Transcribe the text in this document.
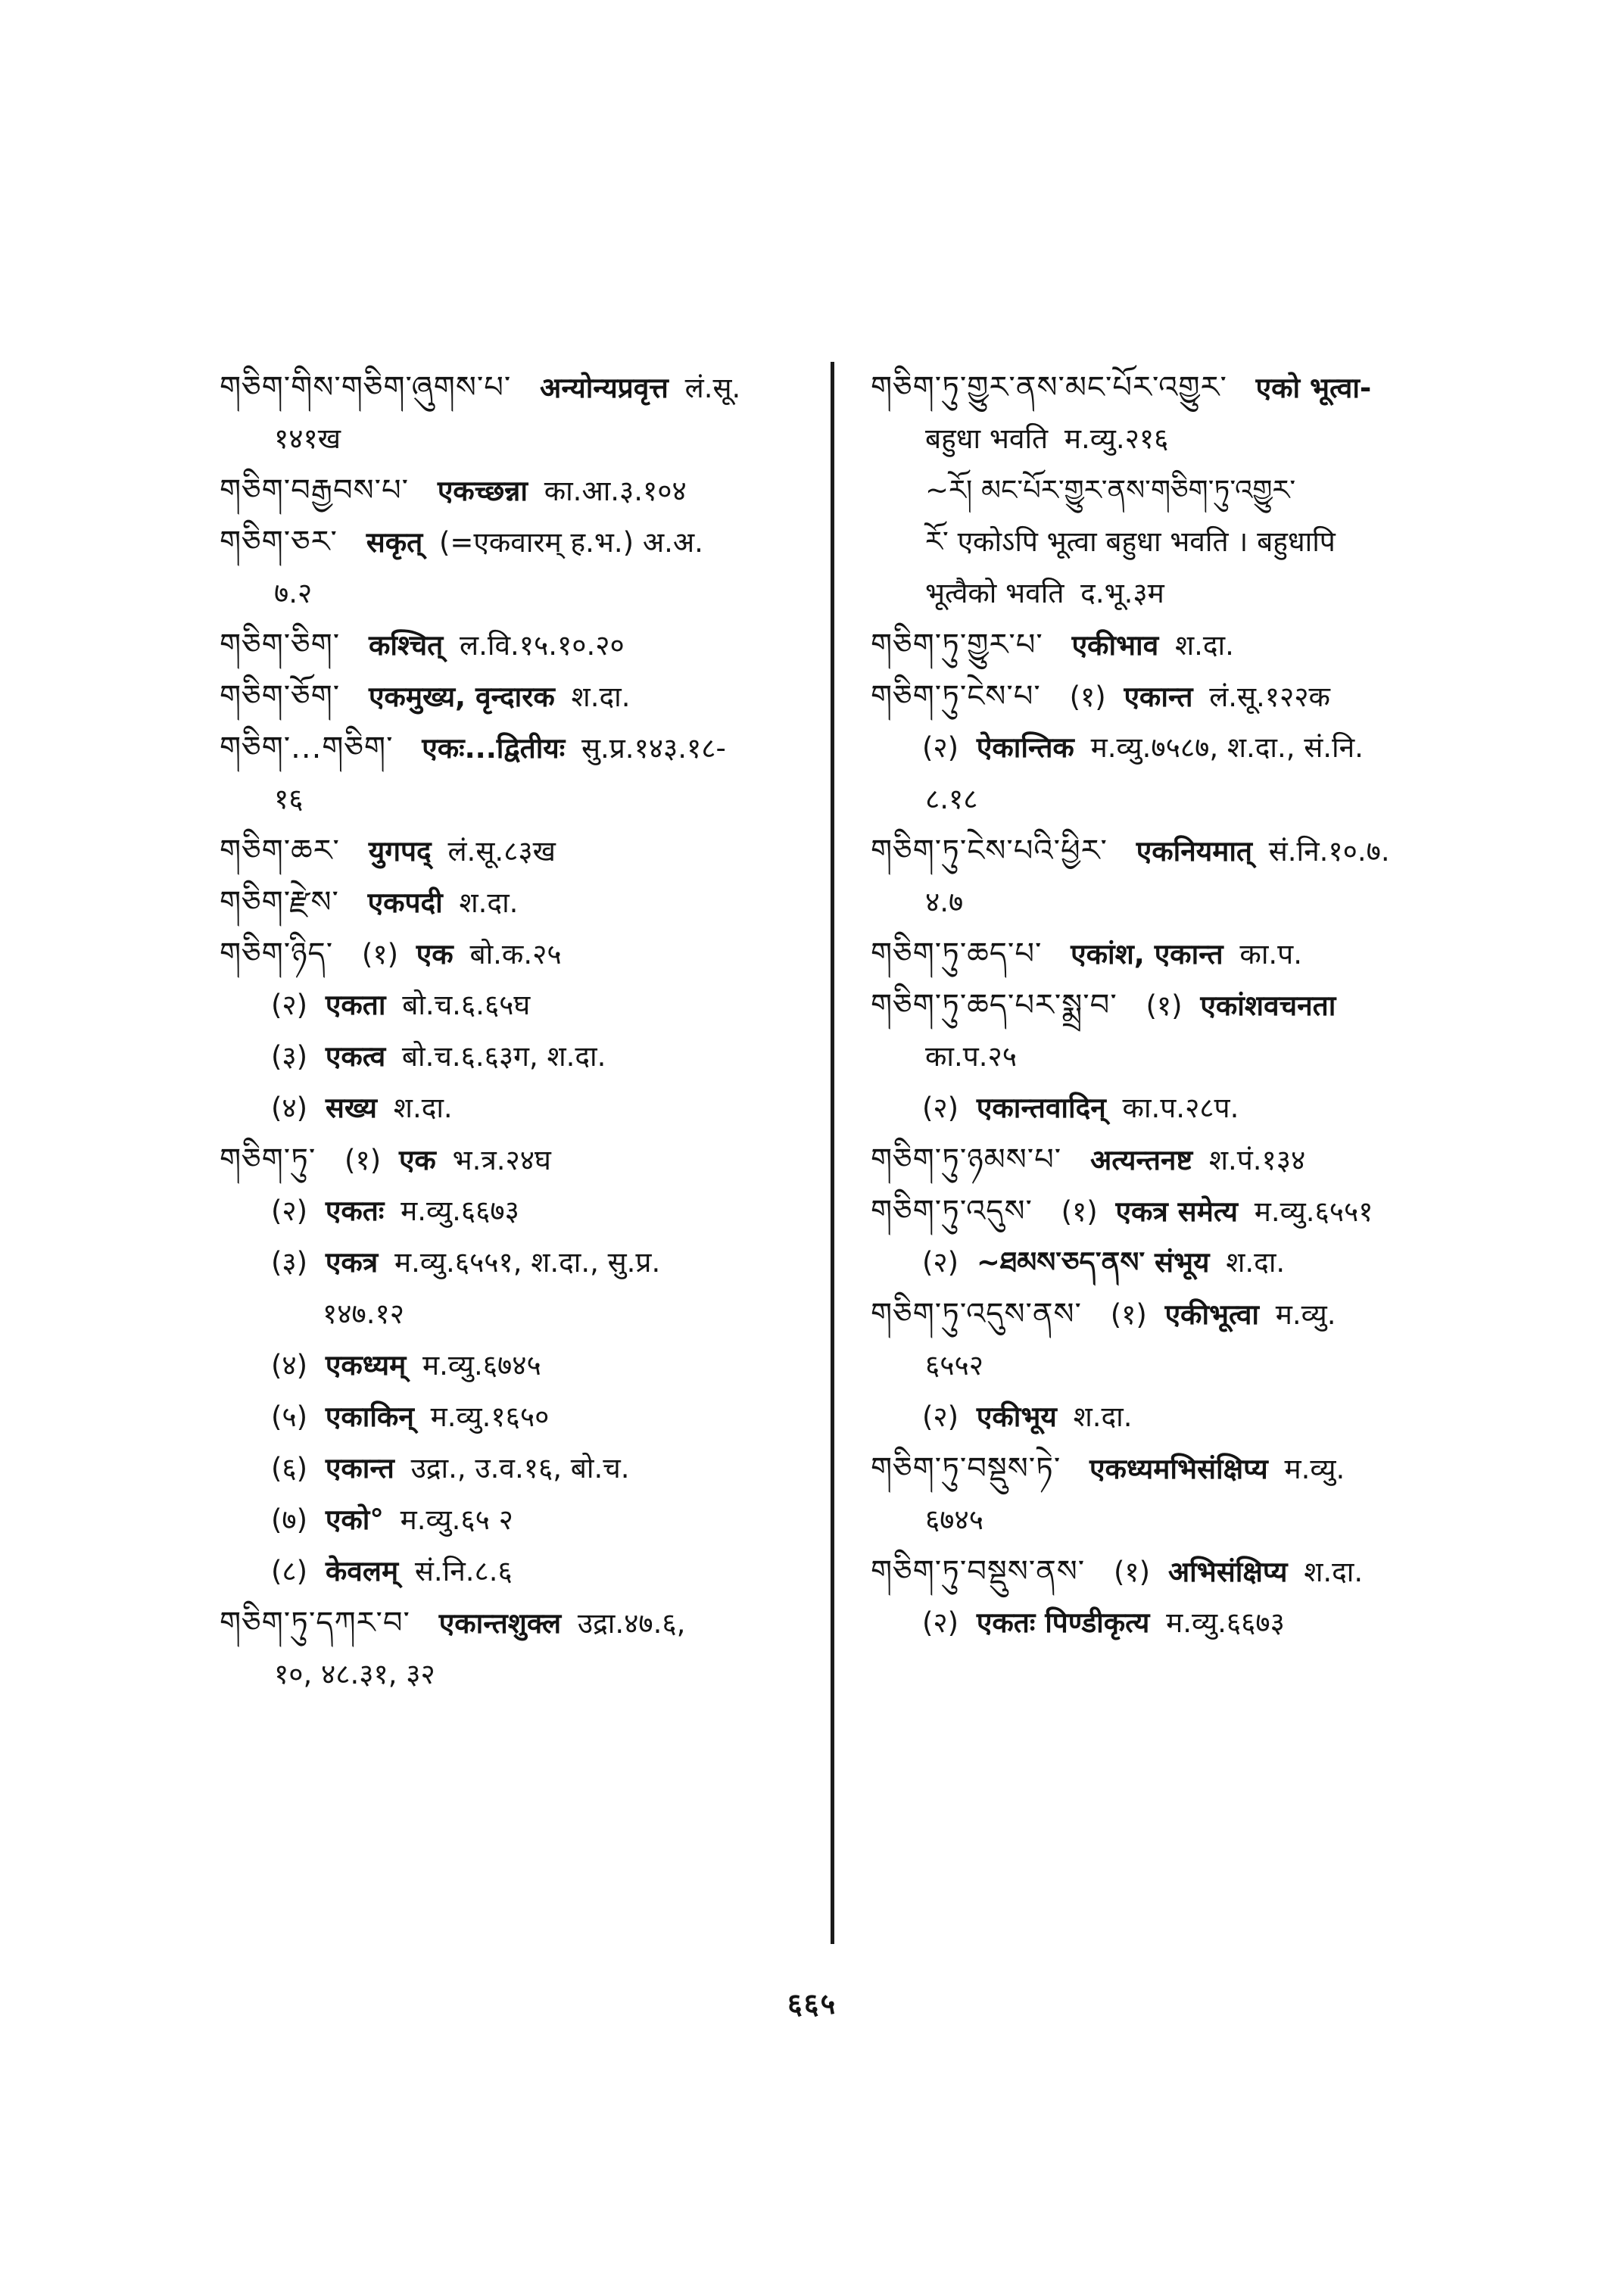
གཅིག་གིས་གཅིག་ཞུགས་པ་ अन्योन्यप्रवृत्त लं.सू.
१४१ख
གཅིག་བརྒྱབས་པ་ एकच्छन्ना का.आ.३.१०४
གཅིག་ཅར་ सकृत् (=एकवारम् ह.भ.) अ.अ.
७.२
གཅིག་ཅིག་ कश्चित् ल.वि.१५.१०.२०
གཅིག་ཅོག་ एकमुख्य, वृन्दारक श.दा.
གཅིག་...གཅིག་ एकः...द्वितीयः सु.प्र.१४३.१८-
१६
གཅིག་ཆར་ युगपद् लं.सू.८३ख
གཅིག་རྫེས་ एकपदी श.दा.
གཅིག་ཉིད་ (१) एक बो.क.२५
(२) एकता बो.च.६.६५घ
(३) एकत्व बो.च.६.६३ग, श.दा.
(४) सख्य श.दा.
གཅིག་ཏུ་ (१) एक भ.त्र.२४घ
(२) एकतः म.व्यु.६६७३
(३) एकत्र म.व्यु.६५५१, श.दा., सु.प्र.
१४७.१२
(४) एकध्यम् म.व्यु.६७४५
(५) एकाकिन् म.व्यु.१६५०
(६) एकान्त उद्रा., उ.व.१६, बो.च.
(७) एको° म.व्यु.६५ २
(८) केवलम् सं.नि.८.६
གཅིག་ཏུ་དཀར་བ་ एकान्तशुक्ल उद्रा.४७.६,
१०, ४८.३१, ३२
གཅིག་ཏུ་གྱུར་ནས་མང་པོར་འགྱུར་ एको भूत्वा-
बहुधा भवति म.व्यु.२१६
~ཪོ། མང་པོར་གྱུར་ནས་གཅིག་ཏུ་འགྱུར་
རོ་ एकोऽपि भूत्वा बहुधा भवति । बहुधापि
भूत्वैको भवति द.भू.३म
གཅིག་ཏུ་གྱུར་པ་ एकीभाव श.दा.
གཅིག་ཏུ་ངེས་པ་ (१) एकान्त लं.सू.१२२क
(२) ऐकान्तिक म.व्यु.७५८७, श.दा., सं.नि.
८.१८
གཅིག་ཏུ་ངེས་པའི་ཕྱིར་ एकनियमात् सं.नि.१०.७.
४.७
གཅིག་ཏུ་ཆད་པ་ एकांश, एकान्त का.प.
གཅིག་ཏུ་ཆད་པར་སྨྲ་བ་ (१) एकांशवचनता
का.प.२५
(२) एकान्तवादिन् का.प.२८प.
གཅིག་ཏུ་ཉམས་པ་ अत्यन्तनष्ट श.पं.१३४
གཅིག་ཏུ་འདུས་ (१) एकत्र समेत्य म.व्यु.६५५१
(२) ~ཐམས་ཅད་ནས་ संभूय श.दा.
གཅིག་ཏུ་འདུས་ནས་ (१) एकीभूत्वा म.व्यु.
६५५२
(२) एकीभूय श.दा.
གཅིག་ཏུ་བསྡུས་ཏེ་ एकध्यमभिसंक्षिप्य म.व्यु.
६७४५
གཅིག་ཏུ་བསྡུས་ནས་ (१) अभिसंक्षिप्य श.दा.
(२) एकतः पिण्डीकृत्य म.व्यु.६६७३
६६५
